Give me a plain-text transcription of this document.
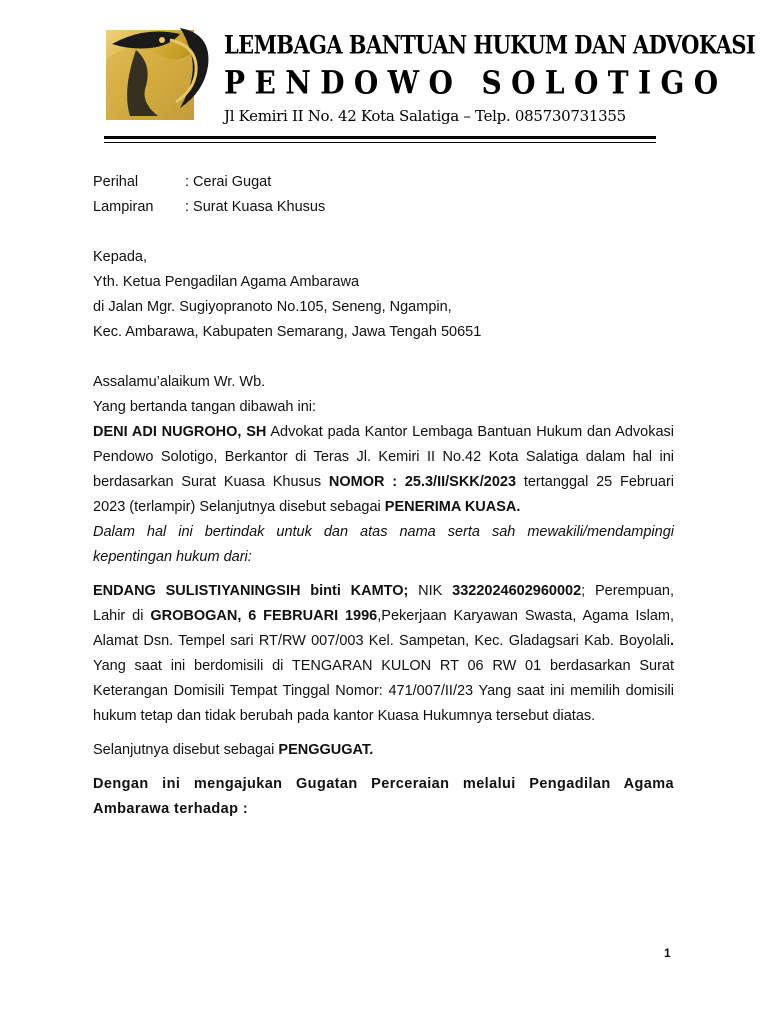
LEMBAGA BANTUAN HUKUM DAN ADVOKASI
PENDOWO SOLOTIGO
Jl Kemiri II No. 42 Kota Salatiga – Telp. 085730731355
Perihal	: Cerai Gugat
Lampiran	: Surat Kuasa Khusus
Kepada,
Yth. Ketua Pengadilan Agama Ambarawa
di Jalan Mgr. Sugiyopranoto No.105, Seneng, Ngampin,
Kec. Ambarawa, Kabupaten Semarang, Jawa Tengah 50651
Assalamu’alaikum Wr. Wb.
Yang bertanda tangan dibawah ini:
DENI ADI NUGROHO, SH Advokat pada Kantor Lembaga Bantuan Hukum dan Advokasi Pendowo Solotigo, Berkantor di Teras Jl. Kemiri II No.42 Kota Salatiga dalam hal ini berdasarkan Surat Kuasa Khusus NOMOR : 25.3/II/SKK/2023 tertanggal 25 Februari 2023 (terlampir) Selanjutnya disebut sebagai PENERIMA KUASA.
Dalam hal ini bertindak untuk dan atas nama serta sah mewakili/mendampingi kepentingan hukum dari:
ENDANG SULISTIYANINGSIH binti KAMTO; NIK 3322024602960002; Perempuan, Lahir di GROBOGAN, 6 FEBRUARI 1996,Pekerjaan Karyawan Swasta, Agama Islam, Alamat Dsn. Tempel sari RT/RW 007/003 Kel. Sampetan, Kec. Gladagsari Kab. Boyolali. Yang saat ini berdomisili di TENGARAN KULON RT 06 RW 01 berdasarkan Surat Keterangan Domisili Tempat Tinggal Nomor: 471/007/II/23 Yang saat ini memilih domisili hukum tetap dan tidak berubah pada kantor Kuasa Hukumnya tersebut diatas.
Selanjutnya disebut sebagai PENGGUGAT.
Dengan ini mengajukan Gugatan Perceraian melalui Pengadilan Agama Ambarawa terhadap :
1
